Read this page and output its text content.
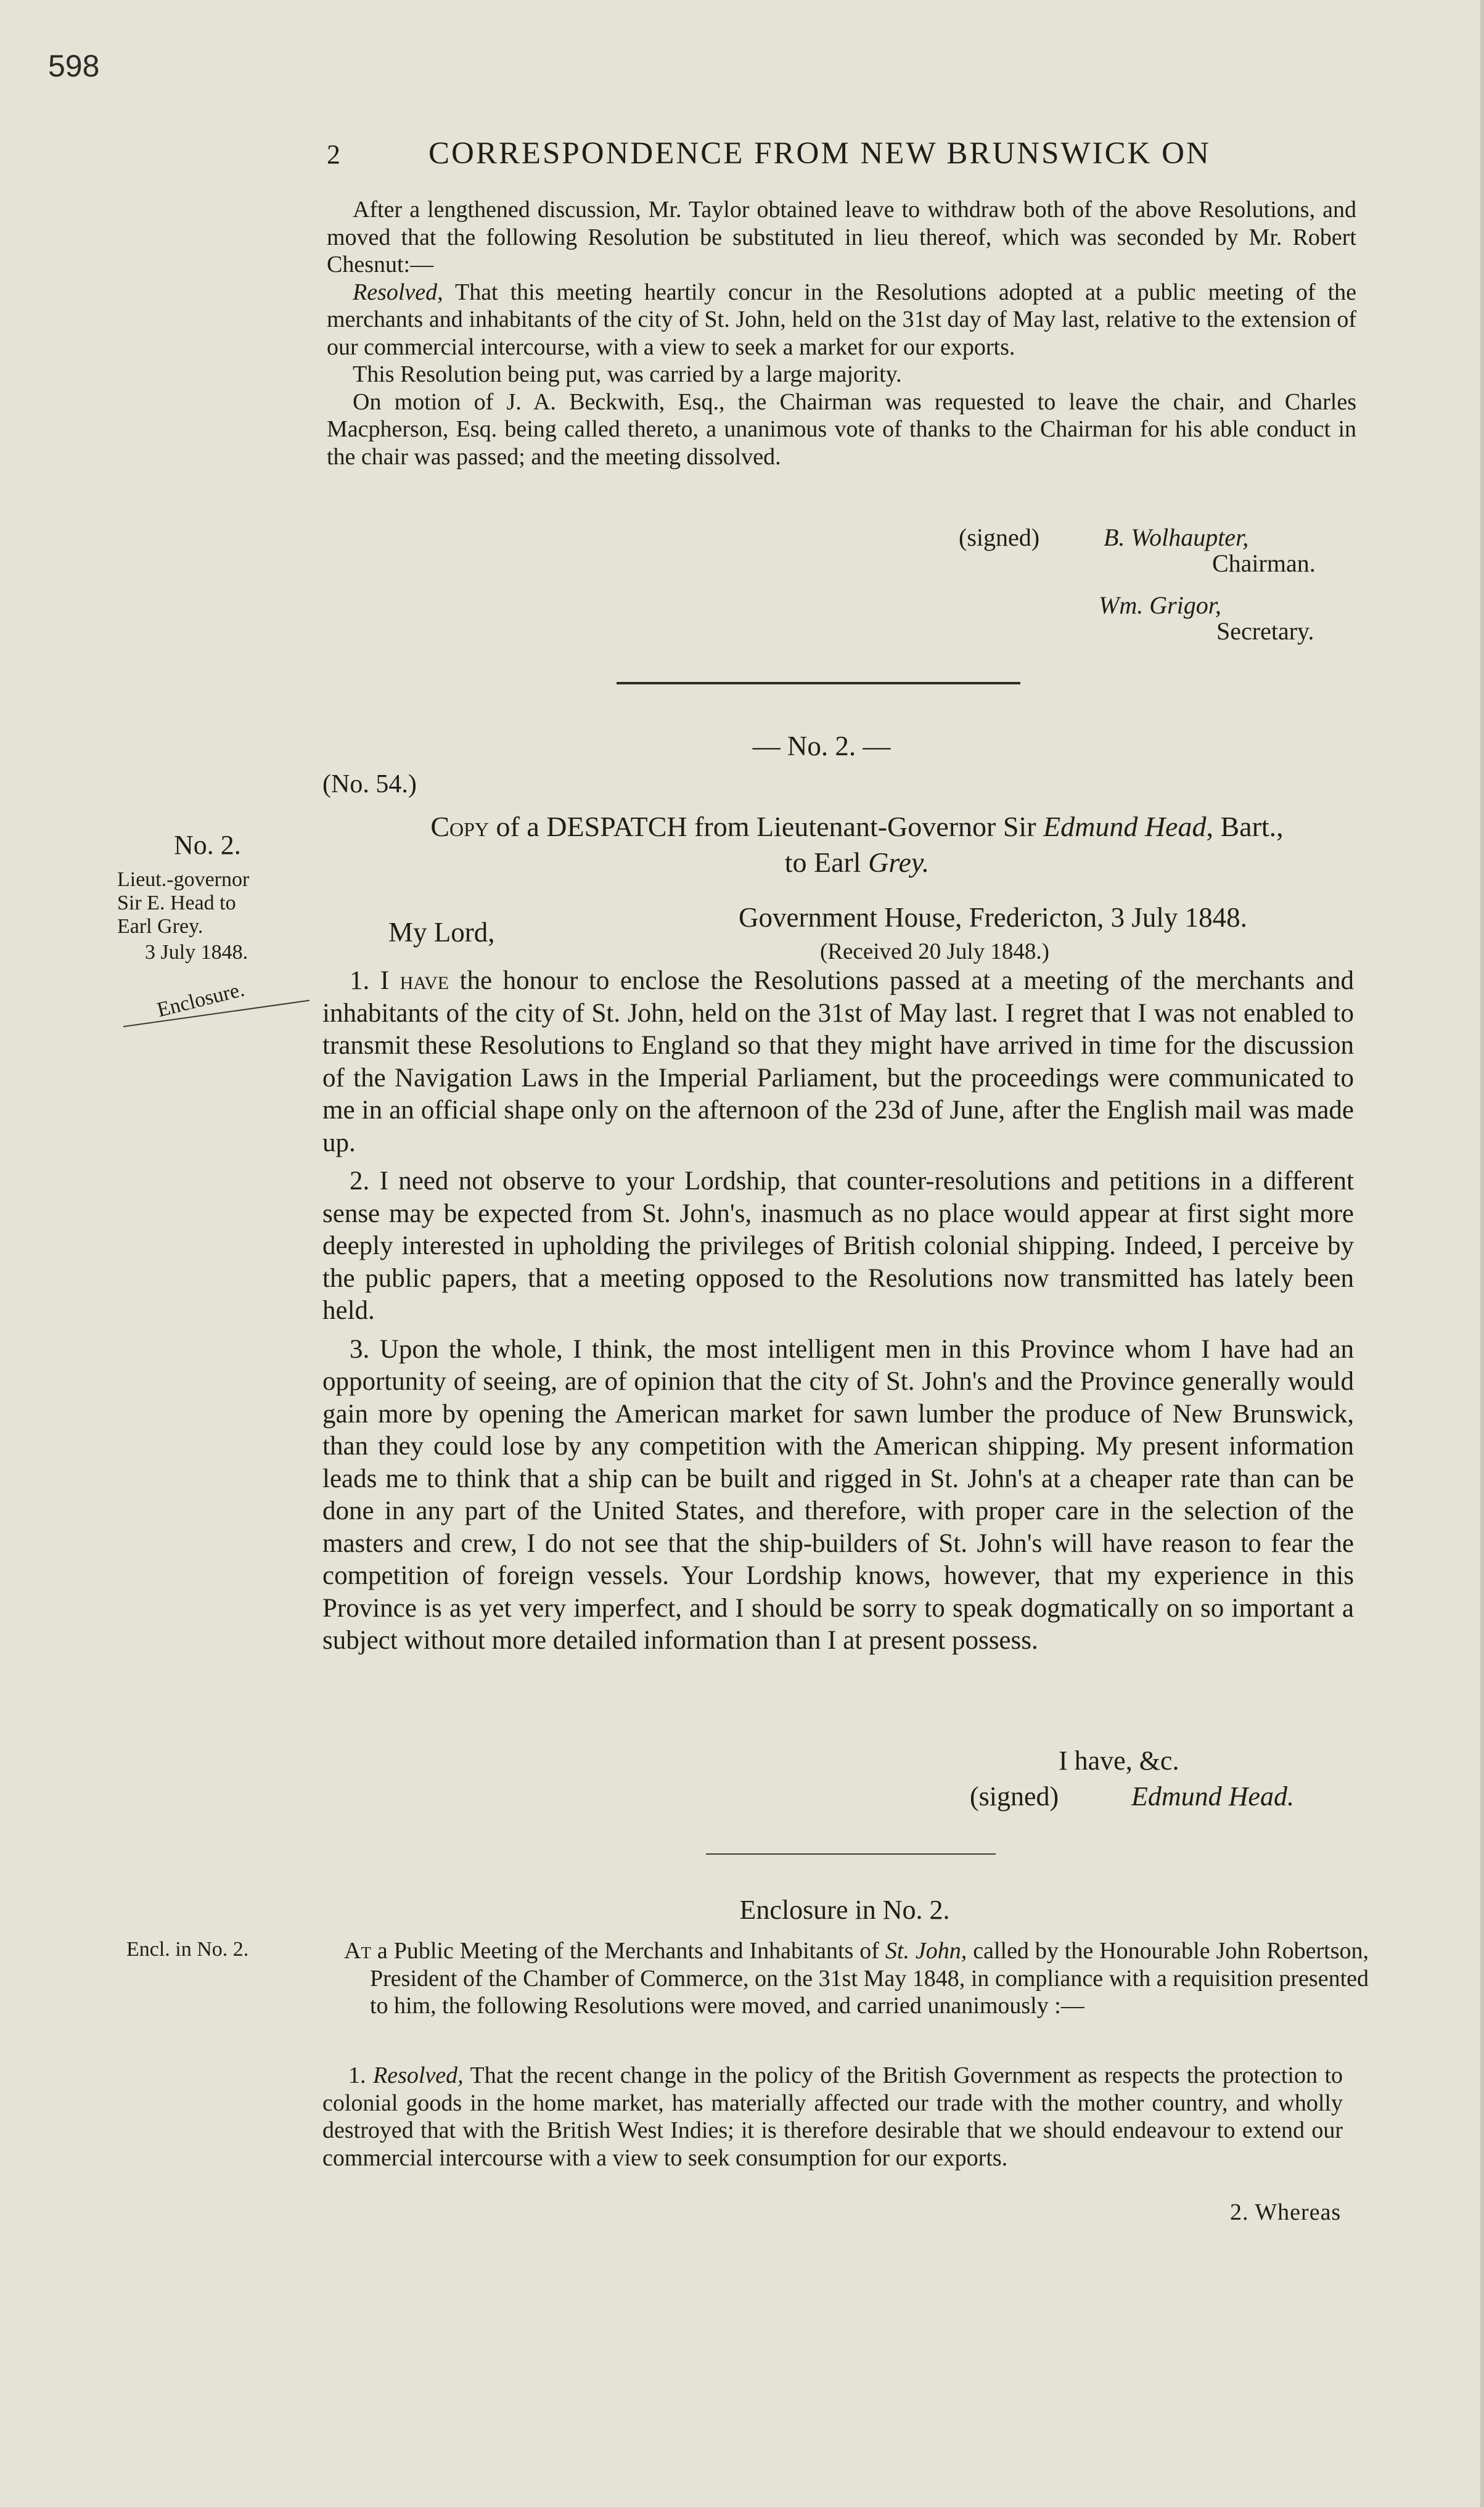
598
2	CORRESPONDENCE FROM NEW BRUNSWICK ON

After a lengthened discussion, Mr. Taylor obtained leave to withdraw both of the above Resolutions, and moved that the following Resolution be substituted in lieu thereof, which was seconded by Mr. Robert Chesnut:—

Resolved, That this meeting heartily concur in the Resolutions adopted at a public meeting of the merchants and inhabitants of the city of St. John, held on the 31st day of May last, relative to the extension of our commercial intercourse, with a view to seek a market for our exports.

This Resolution being put, was carried by a large majority.

On motion of J. A. Beckwith, Esq., the Chairman was requested to leave the chair, and Charles Macpherson, Esq. being called thereto, a unanimous vote of thanks to the Chairman for his able conduct in the chair was passed; and the meeting dissolved.

(signed)	B. Wolhaupter,
Chairman.
Wm. Grigor,
Secretary.
— No. 2. —
(No. 54.)
Copy of a DESPATCH from Lieutenant-Governor Sir Edmund Head, Bart.,
to Earl Grey.
My Lord,	Government House, Fredericton, 3 July 1848.
(Received 20 July 1848.)

1. I have the honour to enclose the Resolutions passed at a meeting of the merchants and inhabitants of the city of St. John, held on the 31st of May last. I regret that I was not enabled to transmit these Resolutions to England so that they might have arrived in time for the discussion of the Navigation Laws in the Imperial Parliament, but the proceedings were communicated to me in an official shape only on the afternoon of the 23d of June, after the English mail was made up.

2. I need not observe to your Lordship, that counter-resolutions and petitions in a different sense may be expected from St. John's, inasmuch as no place would appear at first sight more deeply interested in upholding the privileges of British colonial shipping. Indeed, I perceive by the public papers, that a meeting opposed to the Resolutions now transmitted has lately been held.

3. Upon the whole, I think, the most intelligent men in this Province whom I have had an opportunity of seeing, are of opinion that the city of St. John's and the Province generally would gain more by opening the American market for sawn lumber the produce of New Brunswick, than they could lose by any competition with the American shipping. My present information leads me to think that a ship can be built and rigged in St. John's at a cheaper rate than can be done in any part of the United States, and therefore, with proper care in the selection of the masters and crew, I do not see that the ship-builders of St. John's will have reason to fear the competition of foreign vessels. Your Lordship knows, however, that my experience in this Province is as yet very imperfect, and I should be sorry to speak dogmatically on so important a subject without more detailed information than I at present possess.

I have, &c.
(signed)	Edmund Head.
No. 2.
Lieut.-governor
Sir E. Head to
Earl Grey.
3 July 1848.
Enclosure.
Encl. in No. 2.
Enclosure in No. 2.
At a Public Meeting of the Merchants and Inhabitants of St. John, called by the Honourable John Robertson, President of the Chamber of Commerce, on the 31st May 1848, in compliance with a requisition presented to him, the following Resolutions were moved, and carried unanimously :—

1. Resolved, That the recent change in the policy of the British Government as respects the protection to colonial goods in the home market, has materially affected our trade with the mother country, and wholly destroyed that with the British West Indies; it is therefore desirable that we should endeavour to extend our commercial intercourse with a view to seek consumption for our exports.

2. Whereas
